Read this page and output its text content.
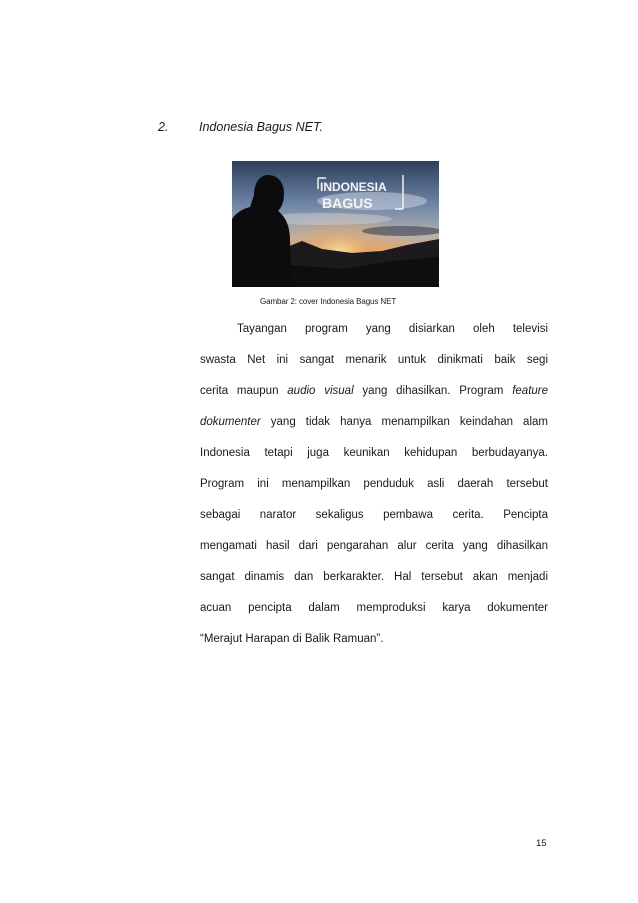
2. Indonesia Bagus NET.
INDONESIA
BAGUS
Gambar 2: cover Indonesia Bagus NET
Tayangan program yang disiarkan oleh televisi
swasta Net ini sangat menarik untuk dinikmati baik segi
cerita maupun audio visual yang dihasilkan. Program feature
dokumenter yang tidak hanya menampilkan keindahan alam
Indonesia tetapi juga keunikan kehidupan berbudayanya.
Program ini menampilkan penduduk asli daerah tersebut
sebagai narator sekaligus pembawa cerita. Pencipta
mengamati hasil dari pengarahan alur cerita yang dihasilkan
sangat dinamis dan berkarakter. Hal tersebut akan menjadi
acuan pencipta dalam memproduksi karya dokumenter
“Merajut Harapan di Balik Ramuan”.
15
